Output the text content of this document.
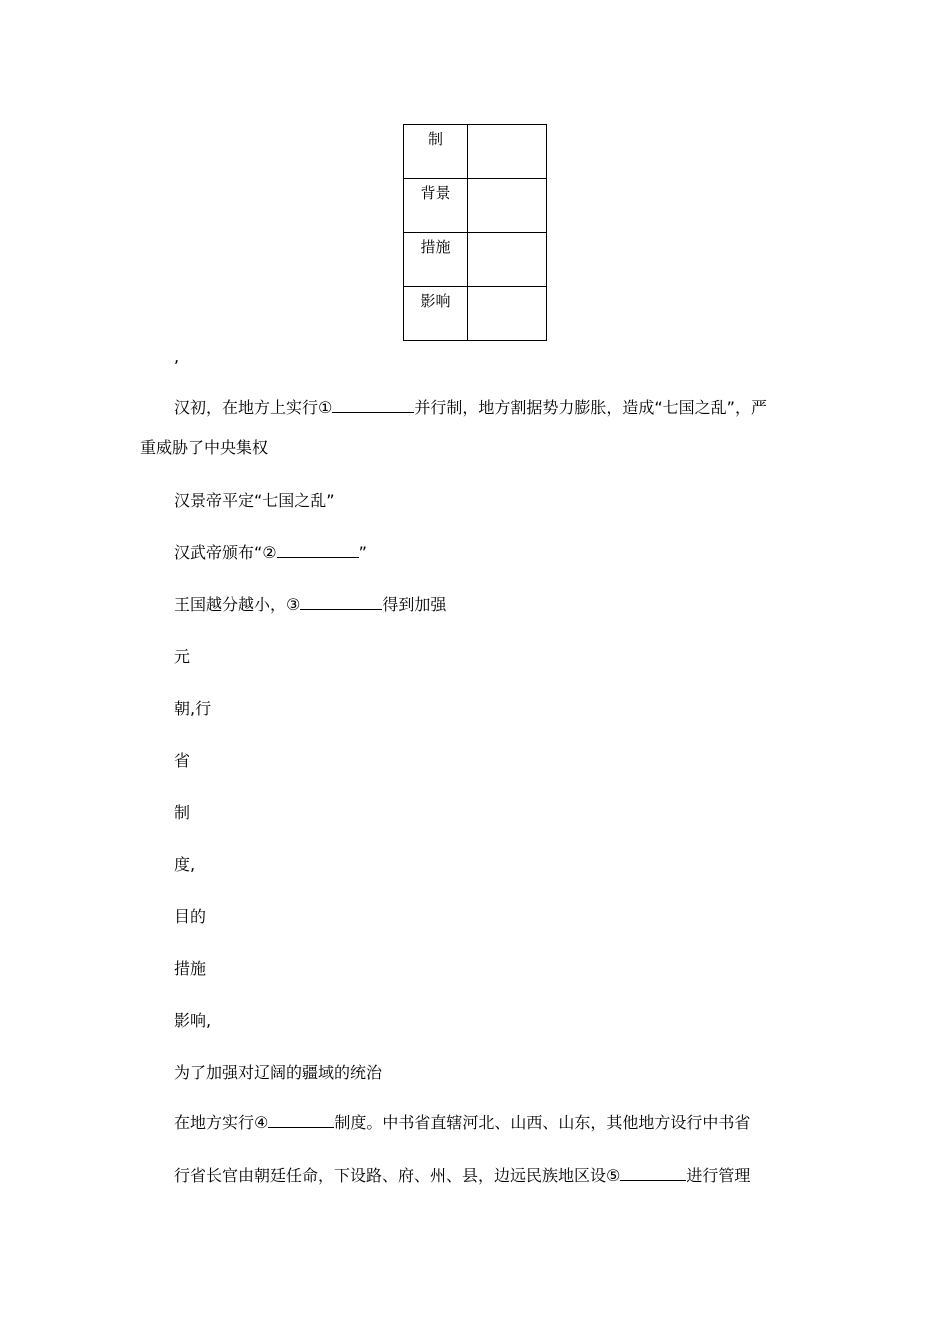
制	
背景	
措施	
影响	
,
汉初，在地方上实行①	并行制，地方割据势力膨胀，造成“七国之乱”，严
重威胁了中央集权
汉景帝平定“七国之乱”
汉武帝颁布“②	”
王国越分越小，③	得到加强
元
朝,行
省
制
度,
目的
措施
影响,
为了加强对辽阔的疆域的统治
在地方实行④	制度。中书省直辖河北、山西、山东，其他地方设行中书省
行省长官由朝廷任命，下设路、府、州、县，边远民族地区设⑤	进行管理
